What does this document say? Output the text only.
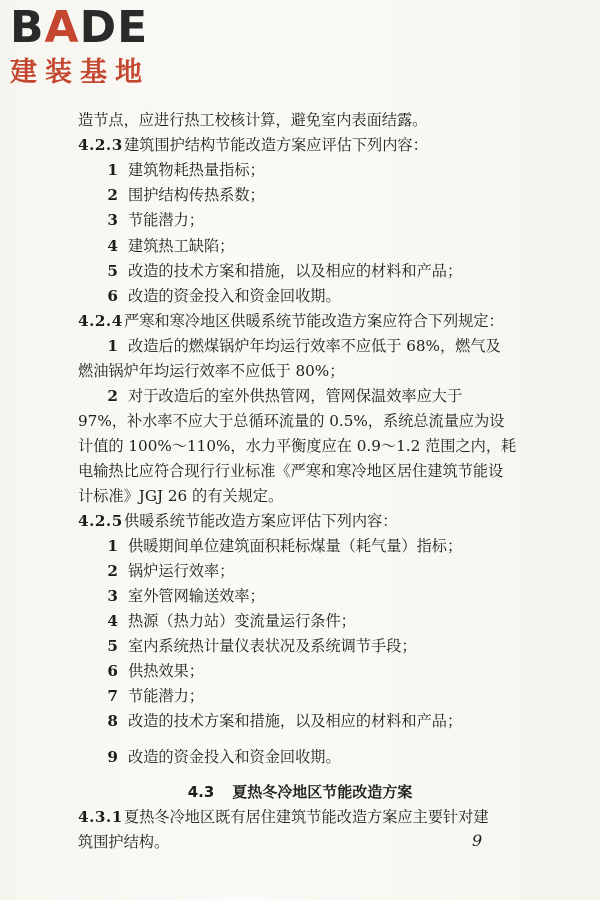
BADE
建装基地
造节点，应进行热工校核计算，避免室内表面结露。
4.2.3 建筑围护结构节能改造方案应评估下列内容：
1 建筑物耗热量指标；
2 围护结构传热系数；
3 节能潜力；
4 建筑热工缺陷；
5 改造的技术方案和措施，以及相应的材料和产品；
6 改造的资金投入和资金回收期。
4.2.4 严寒和寒冷地区供暖系统节能改造方案应符合下列规定：
1 改造后的燃煤锅炉年均运行效率不应低于 68%，燃气及
燃油锅炉年均运行效率不应低于 80%；
2 对于改造后的室外供热管网，管网保温效率应大于
97%，补水率不应大于总循环流量的 0.5%，系统总流量应为设
计值的 100%～110%，水力平衡度应在 0.9～1.2 范围之内，耗
电输热比应符合现行行业标准《严寒和寒冷地区居住建筑节能设
计标准》JGJ 26 的有关规定。
4.2.5 供暖系统节能改造方案应评估下列内容：
1 供暖期间单位建筑面积耗标煤量（耗气量）指标；
2 锅炉运行效率；
3 室外管网输送效率；
4 热源（热力站）变流量运行条件；
5 室内系统热计量仪表状况及系统调节手段；
6 供热效果；
7 节能潜力；
8 改造的技术方案和措施，以及相应的材料和产品；
9 改造的资金投入和资金回收期。
4.3 夏热冬冷地区节能改造方案
4.3.1 夏热冬冷地区既有居住建筑节能改造方案应主要针对建
筑围护结构。	9
